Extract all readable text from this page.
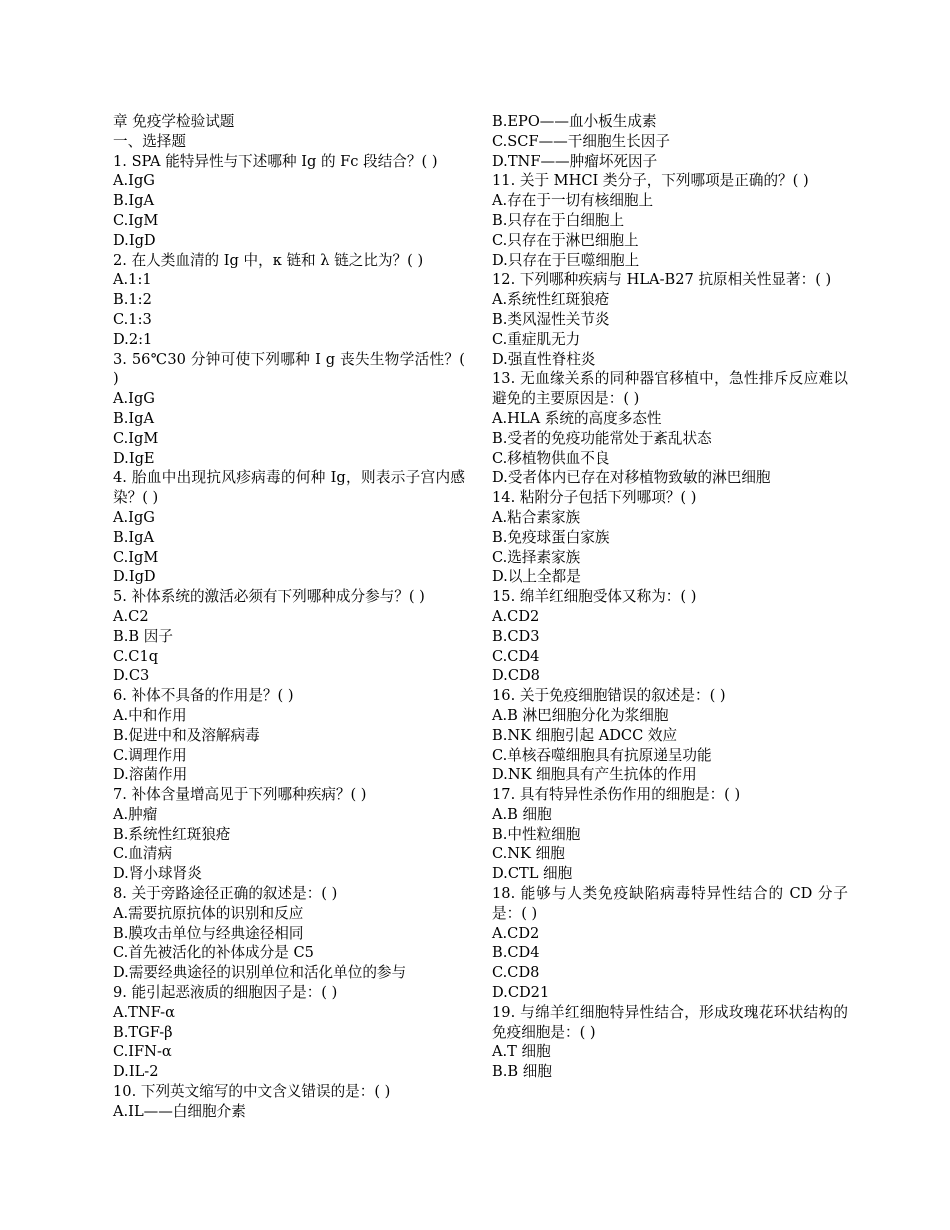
章 免疫学检验试题
一、选择题
1. SPA 能特异性与下述哪种 Ig 的 Fc 段结合？( )
A.IgG
B.IgA
C.IgM
D.IgD
2. 在人类血清的 Ig 中，κ 链和 λ 链之比为？( )
A.1:1
B.1:2
C.1:3
D.2:1
3. 56℃30 分钟可使下列哪种 I g 丧失生物学活性？( )
A.IgG
B.IgA
C.IgM
D.IgE
4. 胎血中出现抗风疹病毒的何种 Ig，则表示子宫内感染？( )
A.IgG
B.IgA
C.IgM
D.IgD
5. 补体系统的激活必须有下列哪种成分参与？( )
A.C2
B.B 因子
C.C1q
D.C3
6. 补体不具备的作用是？( )
A.中和作用
B.促进中和及溶解病毒
C.调理作用
D.溶菌作用
7. 补体含量增高见于下列哪种疾病？( )
A.肿瘤
B.系统性红斑狼疮
C.血清病
D.肾小球肾炎
8. 关于旁路途径正确的叙述是：( )
A.需要抗原抗体的识别和反应
B.膜攻击单位与经典途径相同
C.首先被活化的补体成分是 C5
D.需要经典途径的识别单位和活化单位的参与
9. 能引起恶液质的细胞因子是：( )
A.TNF-α
B.TGF-β
C.IFN-α
D.IL-2
10. 下列英文缩写的中文含义错误的是：( )
A.IL——白细胞介素
B.EPO——血小板生成素
C.SCF——干细胞生长因子
D.TNF——肿瘤坏死因子
11. 关于 MHCI 类分子，下列哪项是正确的？( )
A.存在于一切有核细胞上
B.只存在于白细胞上
C.只存在于淋巴细胞上
D.只存在于巨噬细胞上
12. 下列哪种疾病与 HLA-B27 抗原相关性显著：( )
A.系统性红斑狼疮
B.类风湿性关节炎
C.重症肌无力
D.强直性脊柱炎
13. 无血缘关系的同种器官移植中，急性排斥反应难以避免的主要原因是：( )
A.HLA 系统的高度多态性
B.受者的免疫功能常处于紊乱状态
C.移植物供血不良
D.受者体内已存在对移植物致敏的淋巴细胞
14. 粘附分子包括下列哪项？( )
A.粘合素家族
B.免疫球蛋白家族
C.选择素家族
D.以上全都是
15. 绵羊红细胞受体又称为：( )
A.CD2
B.CD3
C.CD4
D.CD8
16. 关于免疫细胞错误的叙述是：( )
A.B 淋巴细胞分化为浆细胞
B.NK 细胞引起 ADCC 效应
C.单核吞噬细胞具有抗原递呈功能
D.NK 细胞具有产生抗体的作用
17. 具有特异性杀伤作用的细胞是：( )
A.B 细胞
B.中性粒细胞
C.NK 细胞
D.CTL 细胞
18. 能够与人类免疫缺陷病毒特异性结合的 CD 分子是：( )
A.CD2
B.CD4
C.CD8
D.CD21
19. 与绵羊红细胞特异性结合，形成玫瑰花环状结构的免疫细胞是：( )
A.T 细胞
B.B 细胞
